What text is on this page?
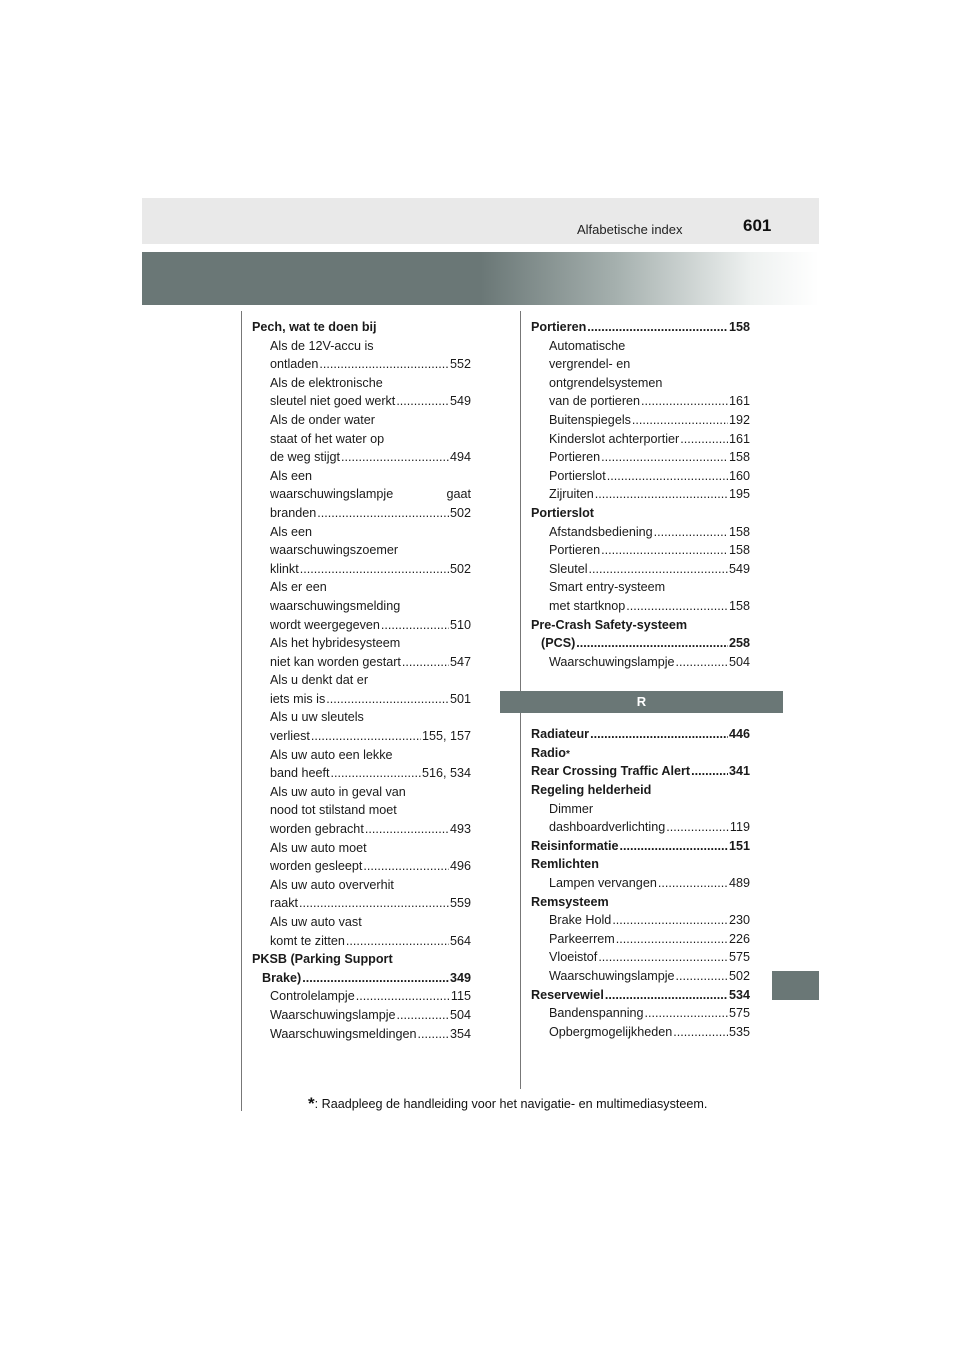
Alfabetische index	601
Pech, wat te doen bij
Als de 12V-accu is
ontladen .....	552
Als de elektronische
sleutel niet goed werkt .....	549
Als de onder water
staat of het water op
de weg stijgt .....	494
Als een
waarschuwingslampje	gaat
branden .....	502
Als een
waarschuwingszoemer
klinkt .....	502
Als er een
waarschuwingsmelding
wordt weergegeven .....	510
Als het hybridesysteem
niet kan worden gestart .....	547
Als u denkt dat er
iets mis is .....	501
Als u uw sleutels
verliest .....	155, 157
Als uw auto een lekke
band heeft .....	516, 534
Als uw auto in geval van
nood tot stilstand moet
worden gebracht .....	493
Als uw auto moet
worden gesleept .....	496
Als uw auto oververhit
raakt .....	559
Als uw auto vast
komt te zitten .....	564
PKSB (Parking Support
Brake) .....	349
Controlelampje .....	115
Waarschuwingslampje .....	504
Waarschuwingsmeldingen .....	354
Portieren .....	158
Automatische
vergrendel- en
ontgrendelsystemen
van de portieren .....	161
Buitenspiegels .....	192
Kinderslot achterportier .....	161
Portieren .....	158
Portierslot .....	160
Zijruiten .....	195
Portierslot
Afstandsbediening .....	158
Portieren .....	158
Sleutel .....	549
Smart entry-systeem
met startknop .....	158
Pre-Crash Safety-systeem
(PCS) .....	258
Waarschuwingslampje .....	504
R
Radiateur .....	446
Radio *
Rear Crossing Traffic Alert .....	341
Regeling helderheid
Dimmer
dashboardverlichting .....	119
Reisinformatie .....	151
Remlichten
Lampen vervangen .....	489
Remsysteem
Brake Hold .....	230
Parkeerrem .....	226
Vloeistof .....	575
Waarschuwingslampje .....	502
Reservewiel .....	534
Bandenspanning .....	575
Opbergmogelijkheden .....	535
*: Raadpleeg de handleiding voor het navigatie- en multimediasysteem.
